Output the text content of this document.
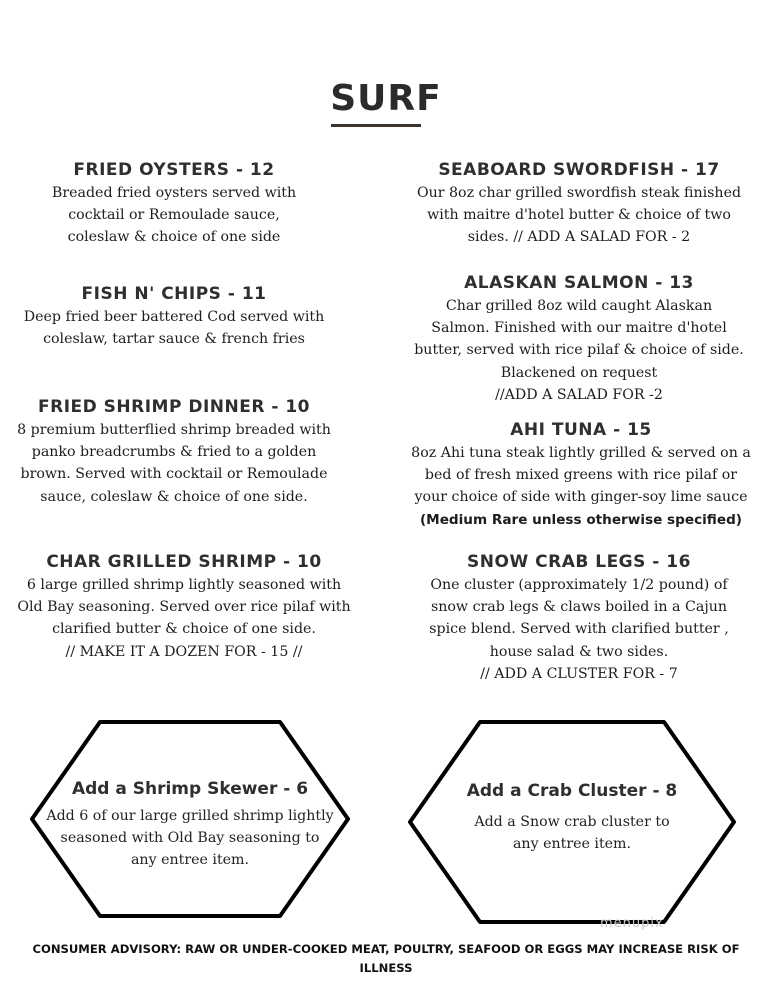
SURF
FRIED OYSTERS - 12
Breaded fried oysters served with
cocktail or Remoulade sauce,
coleslaw & choice of one side
FISH N' CHIPS - 11
Deep fried beer battered Cod served with
coleslaw, tartar sauce & french fries
FRIED SHRIMP DINNER - 10
8 premium butterflied shrimp breaded with
panko breadcrumbs & fried to a golden
brown. Served with cocktail or Remoulade
sauce, coleslaw & choice of one side.
CHAR GRILLED SHRIMP - 10
6 large grilled shrimp lightly seasoned with
Old Bay seasoning. Served over rice pilaf with
clarified butter & choice of one side.
// MAKE IT A DOZEN FOR - 15 //
SEABOARD SWORDFISH - 17
Our 8oz char grilled swordfish steak finished
with maitre d'hotel butter & choice of two
sides. // ADD A SALAD FOR - 2
ALASKAN SALMON - 13
Char grilled 8oz wild caught Alaskan
Salmon. Finished with our maitre d'hotel
butter, served with rice pilaf & choice of side.
Blackened on request
//ADD A SALAD FOR -2
AHI TUNA - 15
8oz Ahi tuna steak lightly grilled & served on a
bed of fresh mixed greens with rice pilaf or
your choice of side with ginger-soy lime sauce
(Medium Rare unless otherwise specified)
SNOW CRAB LEGS - 16
One cluster (approximately 1/2 pound) of
snow crab legs & claws boiled in a Cajun
spice blend. Served with clarified butter ,
house salad & two sides.
// ADD A CLUSTER FOR - 7
Add a Shrimp Skewer - 6
Add 6 of our large grilled shrimp lightly
seasoned with Old Bay seasoning to
any entree item.
Add a Crab Cluster - 8
Add a Snow crab cluster to
any entree item.
menupix
CONSUMER ADVISORY: RAW OR UNDER-COOKED MEAT, POULTRY, SEAFOOD OR EGGS MAY INCREASE RISK OF
ILLNESS
